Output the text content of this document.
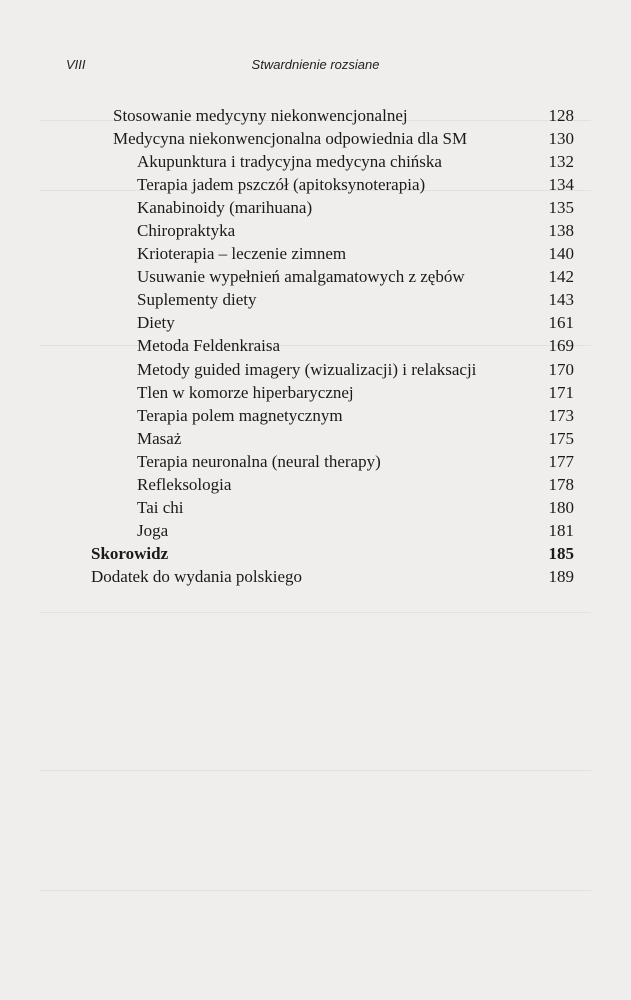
VIII	Stwardnienie rozsiane
Stosowanie medycyny niekonwencjonalnej	128
Medycyna niekonwencjonalna odpowiednia dla SM	130
Akupunktura i tradycyjna medycyna chińska	132
Terapia jadem pszczół (apitoksynoterapia)	134
Kanabinoidy (marihuana)	135
Chiropraktyka	138
Krioterapia – leczenie zimnem	140
Usuwanie wypełnień amalgamatowych z zębów	142
Suplementy diety	143
Diety	161
Metoda Feldenkraisa	169
Metody guided imagery (wizualizacji) i relaksacji	170
Tlen w komorze hiperbarycznej	171
Terapia polem magnetycznym	173
Masaż	175
Terapia neuronalna (neural therapy)	177
Refleksologia	178
Tai chi	180
Joga	181
Skorowidz	185
Dodatek do wydania polskiego	189
